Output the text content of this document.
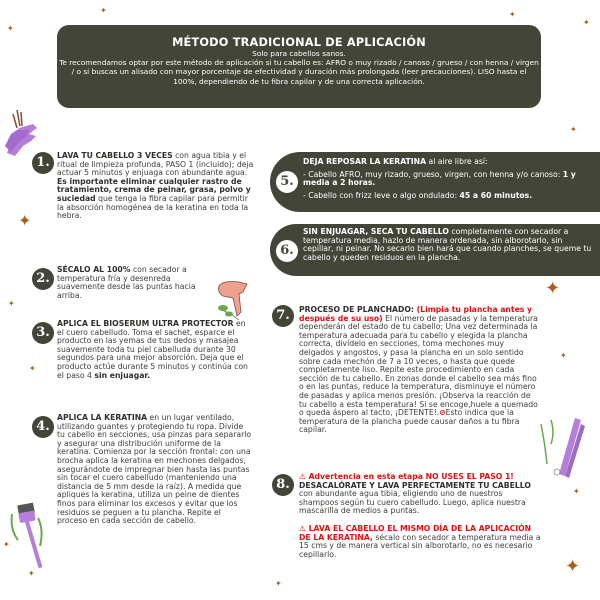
MÉTODO TRADICIONAL DE APLICACIÓN
Solo para cabellos sanos.
Te recomendamos optar por este método de aplicación si tu cabello es: AFRO o muy rizado / canoso / grueso / con henna / virgen / o si buscas un alisado con mayor porcentaje de efectividad y duración más prolongada (leer precauciones). LISO hasta el 100%, dependiendo de tu fibra capilar y de una correcta aplicación.
✦
✦
✦
✦
✦
✦
✦
✦
✦
✦
✦
✦
✦
✦
✦
1. LAVA TU CABELLO 3 VECES con agua tibia y el ritual de limpieza profunda, PASO 1 (incluido); deja actuar 5 minutos y enjuaga con abundante agua. Es importante eliminar cualquier rastro de tratamiento, crema de peinar, grasa, polvo y suciedad que tenga la fibra capilar para permitir la absorción homogénea de la keratina en toda la hebra.
2.
SÉCALO AL 100% con secador a temperatura fría y desenreda suavemente desde las puntas hacia arriba.
3.
APLICA EL BIOSERUM ULTRA PROTECTOR en el cuero cabelludo. Toma el sachet, esparce el producto en las yemas de tus dedos y masajea suavemente toda tu piel cabelluda durante 30 segundos para una mejor absorción. Deja que el producto actúe durante 5 minutos y continúa con el paso 4 sin enjuagar.
4.
APLICA LA KERATINA en un lugar ventilado, utilizando guantes y protegiendo tu ropa. Divide tu cabello en secciones, usa pinzas para separarlo y asegurar una distribución uniforme de la keratina. Comienza por la sección frontal: con una brocha aplica la keratina en mechones delgados, asegurándote de impregnar bien hasta las puntas sin tocar el cuero cabelludo (manteniendo una distancia de 5 mm desde la raíz). A medida que apliques la keratina, utiliza un peine de dientes finos para eliminar los excesos y evitar que los residuos se peguen a tu plancha. Repite el proceso en cada sección de cabello.
5.
DEJA REPOSAR LA KERATINA al aire libre así:
- Cabello AFRO, muy rizado, grueso, virgen, con henna y/o canoso: 1 y media a 2 horas.
- Cabello con frizz leve o algo ondulado: 45 a 60 minutos.
6.
SIN ENJUAGAR, SECA TU CABELLO completamente con secador a temperatura media, hazlo de manera ordenada, sin alborotarlo, sin cepillar, ni peinar. No secarlo bien hará que cuando planches, se queme tu cabello y queden residuos en la plancha.
7.	PROCESO DE PLANCHADO: (Limpia tu plancha antes y después de su uso) El número de pasadas y la temperatura dependerán del estado de tu cabello; Una vez determinada la temperatura adecuada para tu cabello y elegida la plancha correcta, divídelo en secciones, toma mechones muy delgados y angostos, y pasa la plancha en un solo sentido sobre cada mechón de 7 a 10 veces, o hasta que quede completamente liso. Repite este procedimiento en cada sección de tu cabello. En zonas donde el cabello sea más fino o en las puntas, reduce la temperatura, disminuye el número de pasadas y aplica menos presión. ¡Observa la reacción de tu cabello a esta temperatura! Si se encoge,huele a quemado o queda áspero al tacto, ¡DETENTE!.⊘Esto indica que la temperatura de la plancha puede causar daños a tu fibra capilar.
8.
⚠ Advertencia en esta etapa NO USES EL PASO 1!
DESACALÓRATE Y LAVA PERFECTAMENTE TU CABELLO con abundante agua tibia, eligiendo uno de nuestros shampoos según tu cuero cabelludo. Luego, aplica nuestra mascarilla de medios a puntas.
⚠ LAVA EL CABELLO EL MISMO DÍA DE LA APLICACIÓN DE LA KERATINA, sécalo con secador a temperatura media a 15 cms y de manera vertical sin alborotarlo, no es necesario cepillarlo.
